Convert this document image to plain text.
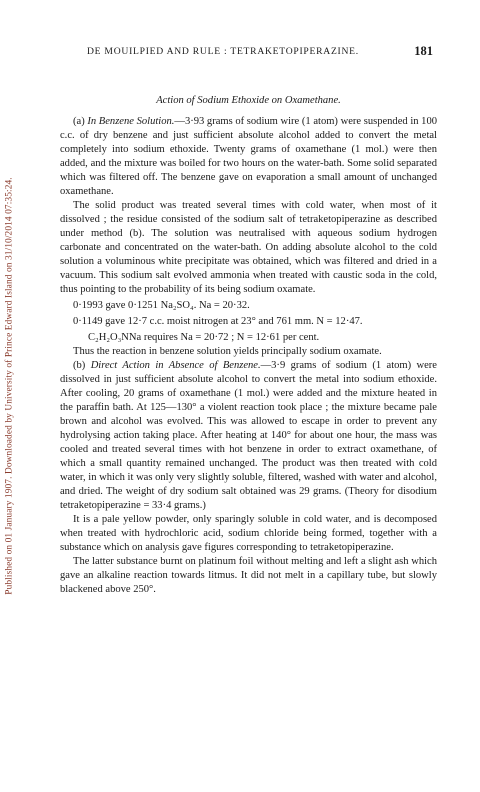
Published on 01 January 1907. Downloaded by University of Prince Edward Island on 31/10/2014 07:35:24.
DE MOUILPIED AND RULE : TETRAKETOPIPERAZINE.	181

Action of Sodium Ethoxide on Oxamethane.

(a) In Benzene Solution.—3·93 grams of sodium wire (1 atom) were suspended in 100 c.c. of dry benzene and just sufficient absolute alcohol added to convert the metal completely into sodium ethoxide. Twenty grams of oxamethane (1 mol.) were then added, and the mixture was boiled for two hours on the water-bath. Some solid separated which was filtered off. The benzene gave on evaporation a small amount of unchanged oxamethane.

The solid product was treated several times with cold water, when most of it dissolved ; the residue consisted of the sodium salt of tetraketopiperazine as described under method (b). The solution was neutralised with aqueous sodium hydrogen carbonate and concentrated on the water-bath. On adding absolute alcohol to the cold solution a voluminous white precipitate was obtained, which was filtered and dried in a vacuum. This sodium salt evolved ammonia when treated with caustic soda in the cold, thus pointing to the probability of its being sodium oxamate.

0·1993 gave 0·1251 Na₂SO₄. Na = 20·32.

0·1149 gave 12·7 c.c. moist nitrogen at 23° and 761 mm. N = 12·47.

C₂H₂O₃NNa requires Na = 20·72 ; N = 12·61 per cent.

Thus the reaction in benzene solution yields principally sodium oxamate.

(b) Direct Action in Absence of Benzene.—3·9 grams of sodium (1 atom) were dissolved in just sufficient absolute alcohol to convert the metal into sodium ethoxide. After cooling, 20 grams of oxamethane (1 mol.) were added and the mixture heated in the paraffin bath. At 125—130° a violent reaction took place ; the mixture became pale brown and alcohol was evolved. This was allowed to escape in order to prevent any hydrolysing action taking place. After heating at 140° for about one hour, the mass was cooled and treated several times with hot benzene in order to extract oxamethane, of which a small quantity remained unchanged. The product was then treated with cold water, in which it was only very slightly soluble, filtered, washed with water and alcohol, and dried. The weight of dry sodium salt obtained was 29 grams. (Theory for disodium tetraketopiperazine = 33·4 grams.)

It is a pale yellow powder, only sparingly soluble in cold water, and is decomposed when treated with hydrochloric acid, sodium chloride being formed, together with a substance which on analysis gave figures corresponding to tetraketopiperazine.

The latter substance burnt on platinum foil without melting and left a slight ash which gave an alkaline reaction towards litmus. It did not melt in a capillary tube, but slowly blackened above 250°.
